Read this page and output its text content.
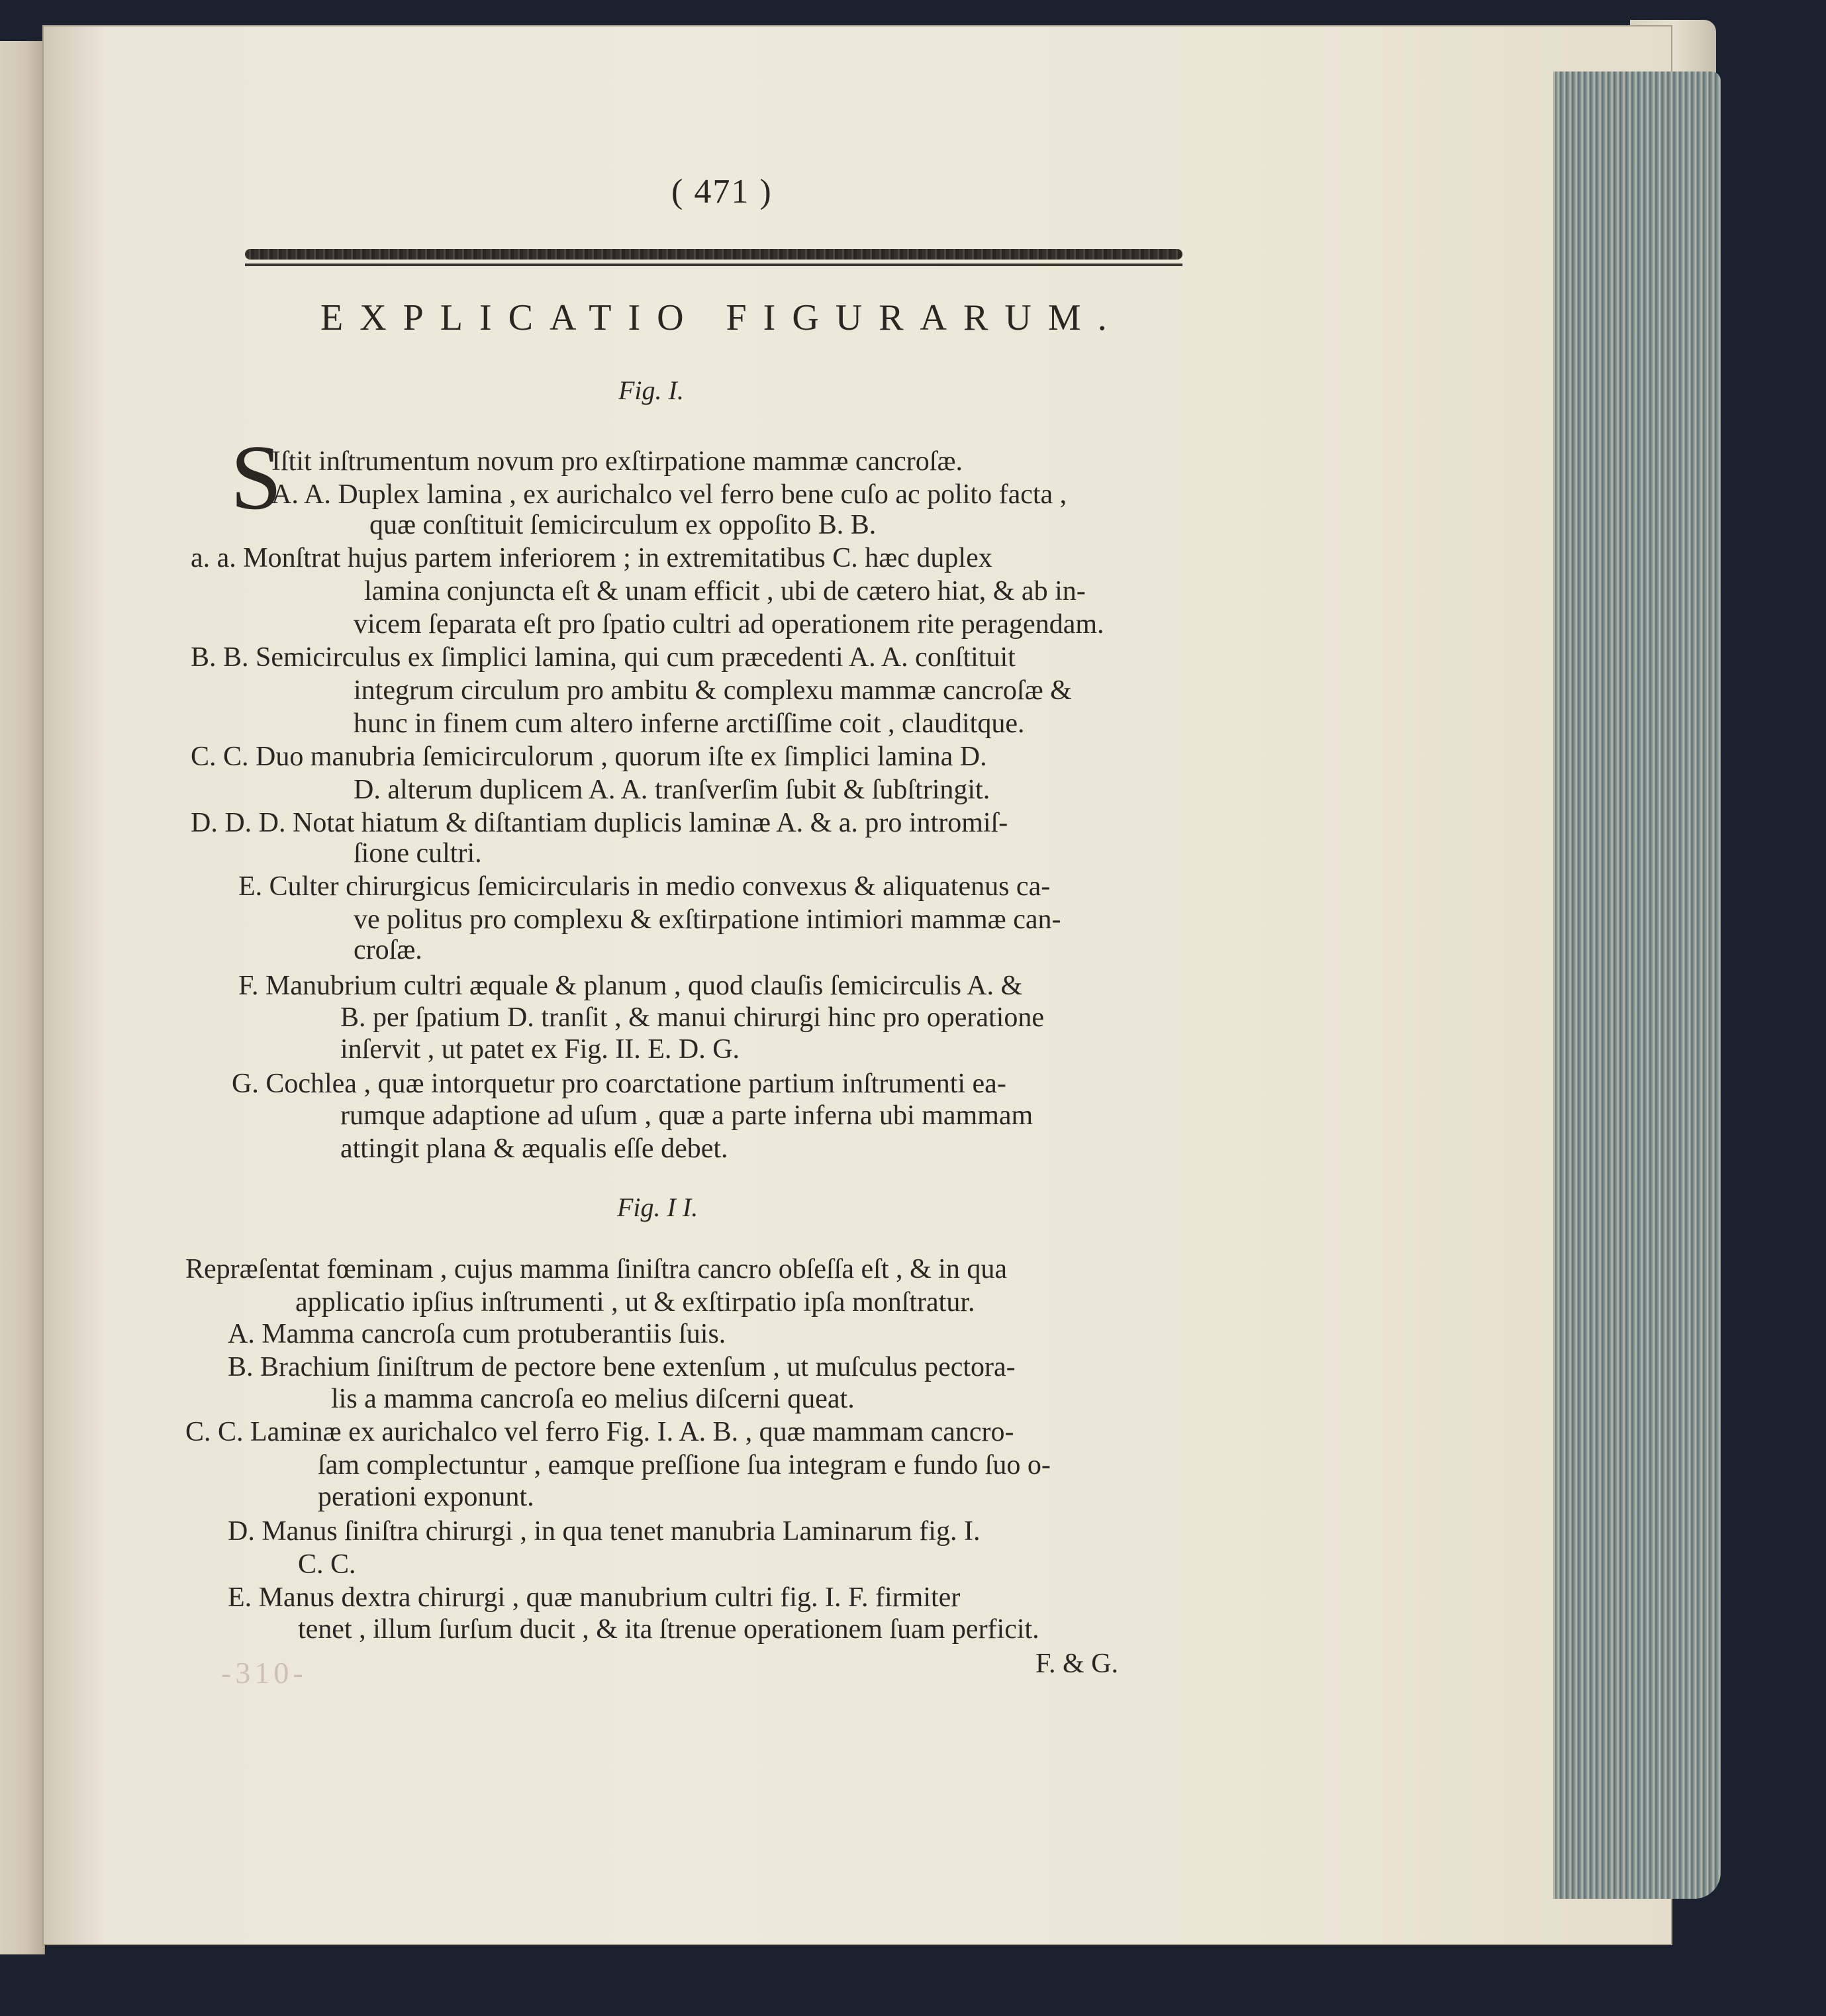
( 471 )
EXPLICATIO FIGURARUM.
Fig. I.
S
Iſtit inſtrumentum novum pro exſtirpatione mammæ cancroſæ.
A. A. Duplex lamina , ex aurichalco vel ferro bene cuſo ac polito facta ,
quæ conſtituit ſemicirculum ex oppoſito B. B.
a. a. Monſtrat hujus partem inferiorem ; in extremitatibus C. hæc duplex
lamina conjuncta eſt & unam efficit , ubi de cætero hiat, & ab in-
vicem ſeparata eſt pro ſpatio cultri ad operationem rite peragendam.
B. B. Semicirculus ex ſimplici lamina, qui cum præcedenti A. A. conſtituit
integrum circulum pro ambitu & complexu mammæ cancroſæ &
hunc in finem cum altero inferne arctiſſime coit , clauditque.
C. C. Duo manubria ſemicirculorum , quorum iſte ex ſimplici lamina D.
D. alterum duplicem A. A. tranſverſim ſubit & ſubſtringit.
D. D. D. Notat hiatum & diſtantiam duplicis laminæ A. & a. pro intromiſ-
ſione cultri.
E. Culter chirurgicus ſemicircularis in medio convexus & aliquatenus ca-
ve politus pro complexu & exſtirpatione intimiori mammæ can-
croſæ.
F. Manubrium cultri æquale & planum , quod clauſis ſemicirculis A. &
B. per ſpatium D. tranſit , & manui chirurgi hinc pro operatione
inſervit , ut patet ex Fig. II. E. D. G.
G. Cochlea , quæ intorquetur pro coarctatione partium inſtrumenti ea-
rumque adaptione ad uſum , quæ a parte inferna ubi mammam
attingit plana & æqualis eſſe debet.
Fig. I I.
Repræſentat fœminam , cujus mamma ſiniſtra cancro obſeſſa eſt , & in qua
applicatio ipſius inſtrumenti , ut & exſtirpatio ipſa monſtratur.
A. Mamma cancroſa cum protuberantiis ſuis.
B. Brachium ſiniſtrum de pectore bene extenſum , ut muſculus pectora-
lis a mamma cancroſa eo melius diſcerni queat.
C. C. Laminæ ex aurichalco vel ferro Fig. I. A. B. , quæ mammam cancro-
ſam complectuntur , eamque preſſione ſua integram e fundo ſuo o-
perationi exponunt.
D. Manus ſiniſtra chirurgi , in qua tenet manubria Laminarum fig. I.
C. C.
E. Manus dextra chirurgi , quæ manubrium cultri fig. I. F. firmiter
tenet , illum ſurſum ducit , & ita ſtrenue operationem ſuam perficit.
F. & G.
-310-
